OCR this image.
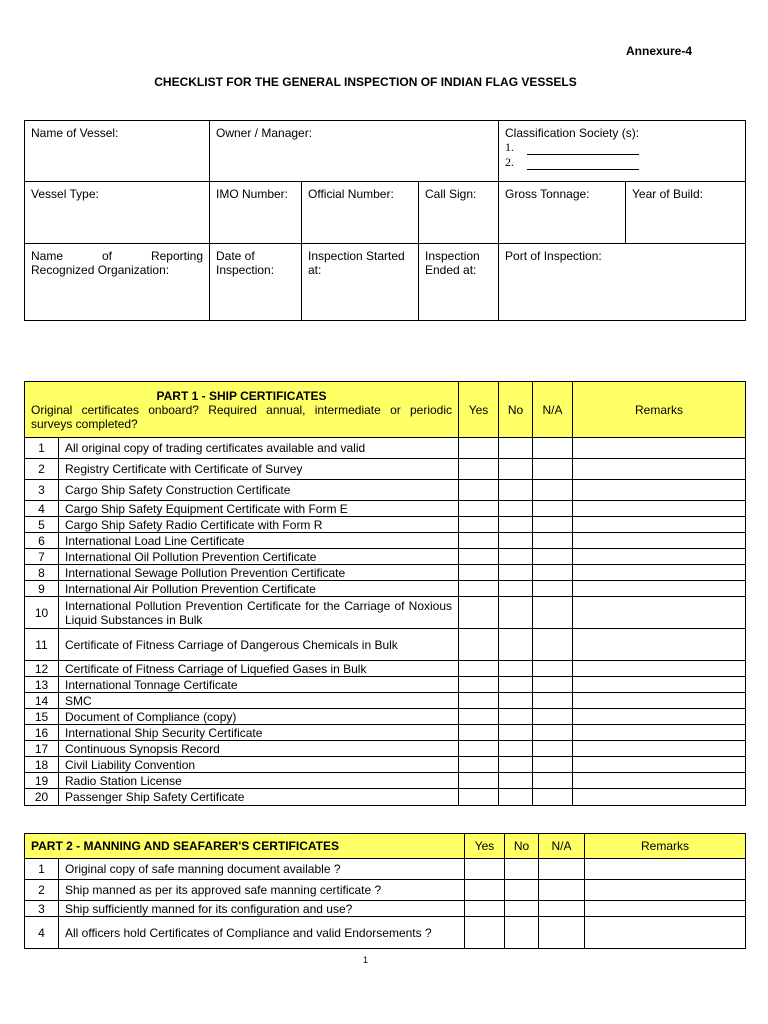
Annexure-4
CHECKLIST FOR THE GENERAL INSPECTION OF INDIAN FLAG VESSELS
Name of Vessel:	Owner / Manager:			Classification Society (s):
1.
2.	

Vessel Type:	IMO Number:	Official Number:	Call Sign:	Gross Tonnage:	Year of Build:

Name of Reporting
Recognized Organization:	Date of Inspection:	Inspection Started at:	Inspection Ended at:	Port of Inspection:	
PART 1 - SHIP CERTIFICATES
Original certificates onboard? Required annual, intermediate or periodic surveys completed?		Yes	No	N/A	Remarks
1	All original copy of trading certificates available and valid				
2	Registry Certificate with Certificate of Survey				
3	Cargo Ship Safety Construction Certificate				
4	Cargo Ship Safety Equipment Certificate with Form E				
5	Cargo Ship Safety Radio Certificate with Form R				
6	International Load Line Certificate				
7	International Oil Pollution Prevention Certificate				
8	International Sewage Pollution Prevention Certificate				
9	International Air Pollution Prevention Certificate				
10	International Pollution Prevention Certificate for the Carriage of Noxious Liquid Substances in Bulk				
11	Certificate of Fitness Carriage of Dangerous Chemicals in Bulk				
12	Certificate of Fitness Carriage of Liquefied Gases in Bulk				
13	International Tonnage Certificate				
14	SMC				
15	Document of Compliance (copy)				
16	International Ship Security Certificate				
17	Continuous Synopsis Record				
18	Civil Liability Convention				
19	Radio Station License				
20	Passenger Ship Safety Certificate				
PART 2 - MANNING AND SEAFARER'S CERTIFICATES		Yes	No	N/A	Remarks
1	Original copy of safe manning document available ?				
2	Ship manned as per its approved safe manning certificate ?				
3	Ship sufficiently manned for its configuration and use?				
4	All officers hold Certificates of Compliance and valid Endorsements ?				
1
